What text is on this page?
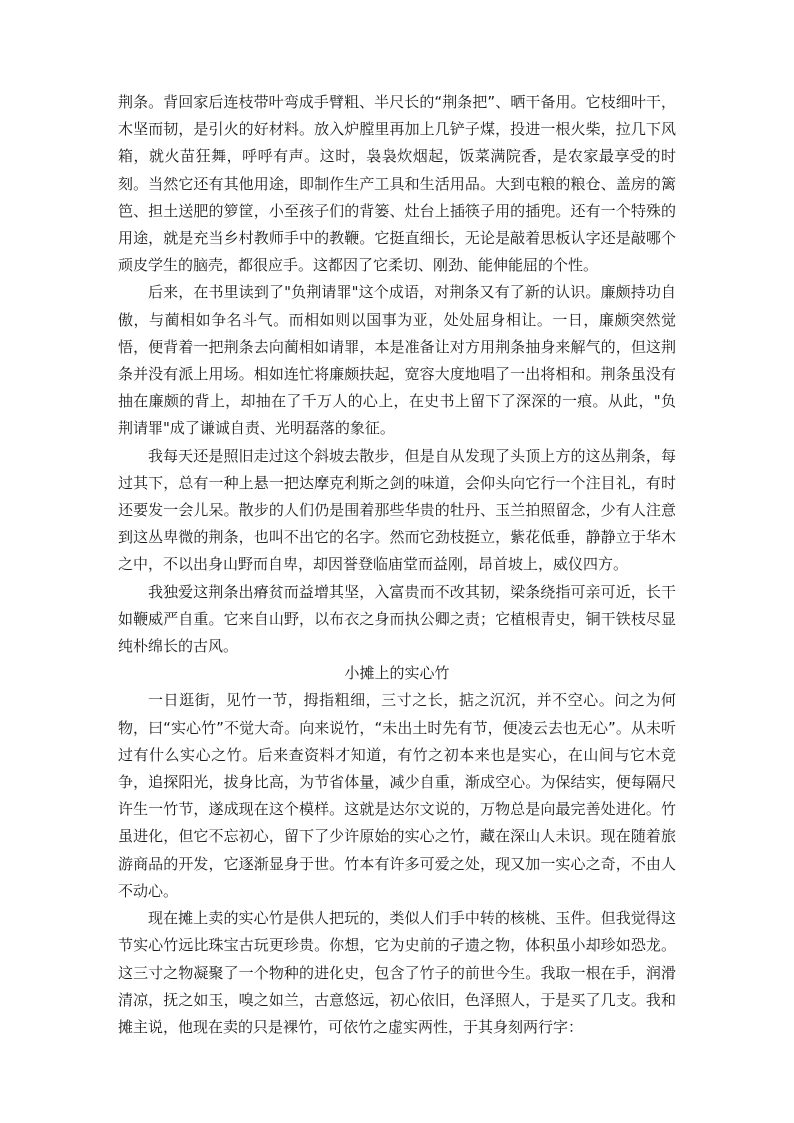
荆条。背回家后连枝带叶弯成手臂粗、半尺长的“荆条把”、晒干备用。它枝细叶干，木坚而韧，是引火的好材料。放入炉膛里再加上几铲子煤，投进一根火柴，拉几下风箱，就火苗狂舞，呼呼有声。这时，袅袅炊烟起，饭菜满院香，是农家最享受的时刻。当然它还有其他用途，即制作生产工具和生活用品。大到屯粮的粮仓、盖房的篱笆、担土送肥的箩筐，小至孩子们的背篓、灶台上插筷子用的插兜。还有一个特殊的用途，就是充当乡村教师手中的教鞭。它挺直细长，无论是敲着思板认字还是敲哪个顽皮学生的脑壳，都很应手。这都因了它柔切、刚劲、能伸能屈的个性。

后来，在书里读到了"负荆请罪"这个成语，对荆条又有了新的认识。廉颇持功自傲，与蔺相如争名斗气。而相如则以国事为亚，处处屈身相让。一日，廉颇突然觉悟，便背着一把荆条去向蔺相如请罪，本是准备让对方用荆条抽身来解气的，但这荆条并没有派上用场。相如连忙将廉颇扶起，宽容大度地唱了一出将相和。荆条虽没有抽在廉颇的背上，却抽在了千万人的心上，在史书上留下了深深的一痕。从此，"负荆请罪"成了谦诚自责、光明磊落的象征。

我每天还是照旧走过这个斜坡去散步，但是自从发现了头顶上方的这丛荆条，每过其下，总有一种上悬一把达摩克利斯之剑的味道，会仰头向它行一个注目礼，有时还要发一会儿呆。散步的人们仍是围着那些华贵的牡丹、玉兰拍照留念，少有人注意到这丛卑微的荆条，也叫不出它的名字。然而它劲枝挺立，紫花低垂，静静立于华木之中，不以出身山野而自卑，却因誉登临庙堂而益刚，昂首坡上，威仪四方。

我独爱这荆条出瘠贫而益增其坚，入富贵而不改其韧，梁条绕指可亲可近，长干如鞭威严自重。它来自山野，以布衣之身而执公卿之责；它植根青史，铜干铁枝尽显纯朴绵长的古风。

小摊上的实心竹

一日逛街，见竹一节，拇指粗细，三寸之长，掂之沉沉，并不空心。问之为何物，曰“实心竹”不觉大奇。向来说竹，“未出土时先有节，便凌云去也无心”。从未听过有什么实心之竹。后来查资料才知道，有竹之初本来也是实心，在山间与它木竞争，追探阳光，拔身比高，为节省体量，减少自重，渐成空心。为保结实，便每隔尺许生一竹节，遂成现在这个模样。这就是达尔文说的，万物总是向最完善处进化。竹虽进化，但它不忘初心，留下了少许原始的实心之竹，藏在深山人未识。现在随着旅游商品的开发，它逐渐显身于世。竹本有许多可爱之处，现又加一实心之奇，不由人不动心。

现在摊上卖的实心竹是供人把玩的，类似人们手中转的核桃、玉件。但我觉得这节实心竹远比珠宝古玩更珍贵。你想，它为史前的孑遗之物，体积虽小却珍如恐龙。这三寸之物凝聚了一个物种的进化史，包含了竹子的前世今生。我取一根在手，润滑清凉，抚之如玉，嗅之如兰，古意悠远，初心依旧，色泽照人，于是买了几支。我和摊主说，他现在卖的只是裸竹，可依竹之虚实两性，于其身刻两行字：
